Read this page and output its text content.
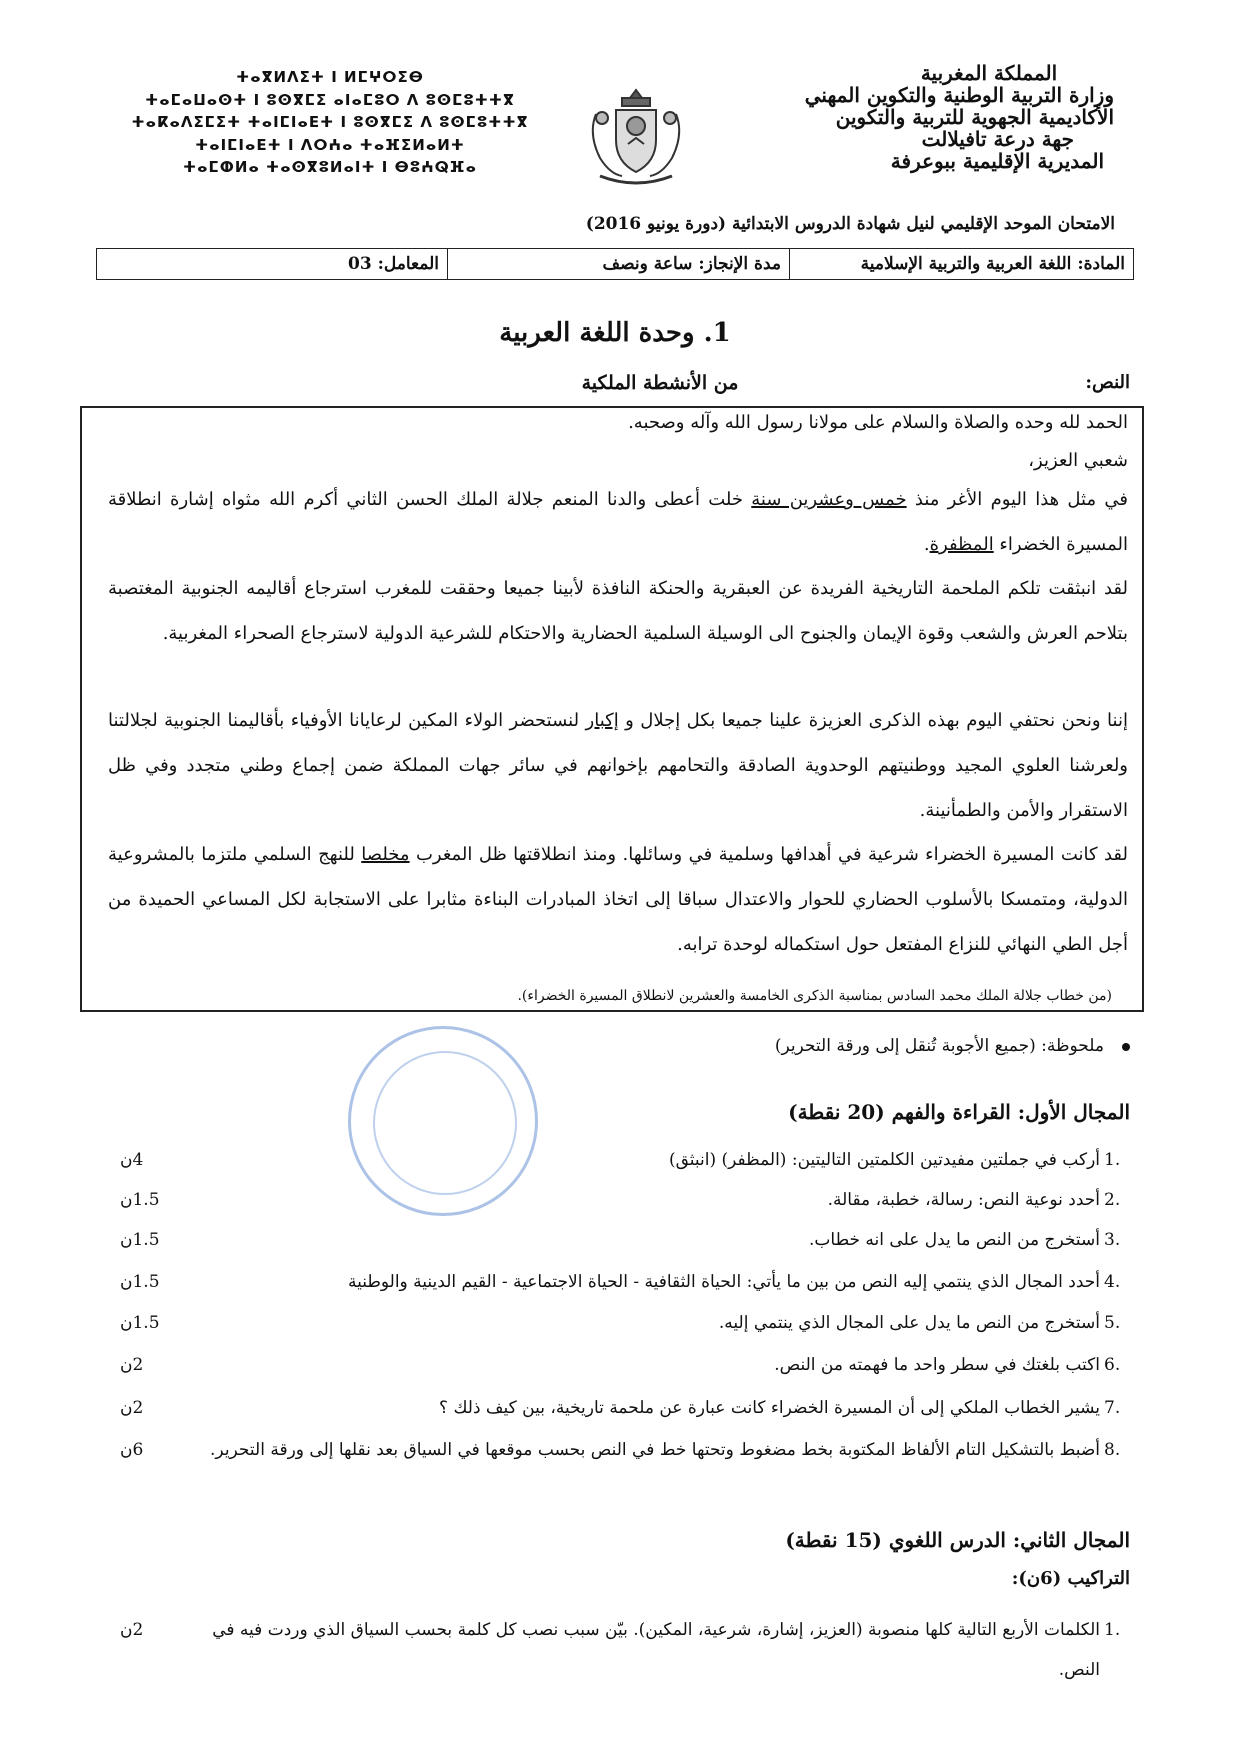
المملكة المغربية
وزارة التربية الوطنية والتكوين المهني
الأكاديمية الجهوية للتربية والتكوين
جهة درعة تافيلالت
المديرية الإقليمية ببوعرفة
ⵜⴰⴳⵍⴷⵉⵜ ⵏ ⵍⵎⵖⵔⵉⴱ
ⵜⴰⵎⴰⵡⴰⵙⵜ ⵏ ⵓⵙⴳⵎⵉ ⴰⵏⴰⵎⵓⵔ ⴷ ⵓⵙⵎⵓⵜⵜⴳ
ⵜⴰⴽⴰⴷⵉⵎⵉⵜ ⵜⴰⵏⵎⵏⴰⴹⵜ ⵏ ⵓⵙⴳⵎⵉ ⴷ ⵓⵙⵎⵓⵜⵜⴳ
ⵜⴰⵏⵎⵏⴰⴹⵜ ⵏ ⴷⵔⵄⴰ ⵜⴰⴼⵉⵍⴰⵍⵜ
ⵜⴰⵎⵀⵍⴰ ⵜⴰⵙⴳⵓⵍⴰⵏⵜ ⵏ ⴱⵓⵄⵕⴼⴰ
الامتحان الموحد الإقليمي لنيل شهادة الدروس الابتدائية (دورة يونيو 2016)
المادة: اللغة العربية والتربية الإسلامية
مدة الإنجاز: ساعة ونصف
المعامل: 03
1. وحدة اللغة العربية
النص:
من الأنشطة الملكية
الحمد لله وحده والصلاة والسلام على مولانا رسول الله وآله وصحبه.
شعبي العزيز،
في مثل هذا اليوم الأغر منذ خمس وعشرين سنة خلت أعطى والدنا المنعم جلالة الملك الحسن الثاني أكرم الله مثواه إشارة انطلاقة المسيرة الخضراء المظفرة.
لقد انبثقت تلكم الملحمة التاريخية الفريدة عن العبقرية والحنكة النافذة لأبينا جميعا وحققت للمغرب استرجاع أقاليمه الجنوبية المغتصبة بتلاحم العرش والشعب وقوة الإيمان والجنوح الى الوسيلة السلمية الحضارية والاحتكام للشرعية الدولية لاسترجاع الصحراء المغربية.
إننا ونحن نحتفي اليوم بهذه الذكرى العزيزة علينا جميعا بكل إجلال و إكبار لنستحضر الولاء المكين لرعايانا الأوفياء بأقاليمنا الجنوبية لجلالتنا ولعرشنا العلوي المجيد ووطنيتهم الوحدوية الصادقة والتحامهم بإخوانهم في سائر جهات المملكة ضمن إجماع وطني متجدد وفي ظل الاستقرار والأمن والطمأنينة.
لقد كانت المسيرة الخضراء شرعية في أهدافها وسلمية في وسائلها. ومنذ انطلاقتها ظل المغرب مخلصا للنهج السلمي ملتزما بالمشروعية الدولية، ومتمسكا بالأسلوب الحضاري للحوار والاعتدال سباقا إلى اتخاذ المبادرات البناءة مثابرا على الاستجابة لكل المساعي الحميدة من أجل الطي النهائي للنزاع المفتعل حول استكماله لوحدة ترابه.
(من خطاب جلالة الملك محمد السادس بمناسبة الذكرى الخامسة والعشرين لانطلاق المسيرة الخضراء).
ملحوظة: (جميع الأجوبة تُنقل إلى ورقة التحرير)
المجال الأول: القراءة والفهم (20 نقطة)
1.
أركب في جملتين مفيدتين الكلمتين التاليتين: (المظفر) (انبثق)
4ن
2.
أحدد نوعية النص: رسالة، خطبة، مقالة.
1.5ن
3.
أستخرج من النص ما يدل على انه خطاب.
1.5ن
4.
أحدد المجال الذي ينتمي إليه النص من بين ما يأتي: الحياة الثقافية - الحياة الاجتماعية - القيم الدينية والوطنية
1.5ن
5.
أستخرج من النص ما يدل على المجال الذي ينتمي إليه.
1.5ن
6.
اكتب بلغتك في سطر واحد ما فهمته من النص.
2ن
7.
يشير الخطاب الملكي إلى أن المسيرة الخضراء كانت عبارة عن ملحمة تاريخية، بين كيف ذلك ؟
2ن
8.
أضبط بالتشكيل التام الألفاظ المكتوبة بخط مضغوط وتحتها خط في النص بحسب موقعها في السياق بعد نقلها إلى ورقة التحرير.
6ن
المجال الثاني: الدرس اللغوي (15 نقطة)
التراكيب (6ن):
1.
الكلمات الأربع التالية كلها منصوبة (العزيز، إشارة، شرعية، المكين). بيّن سبب نصب كل كلمة بحسب السياق الذي وردت فيه في النص.
2ن
